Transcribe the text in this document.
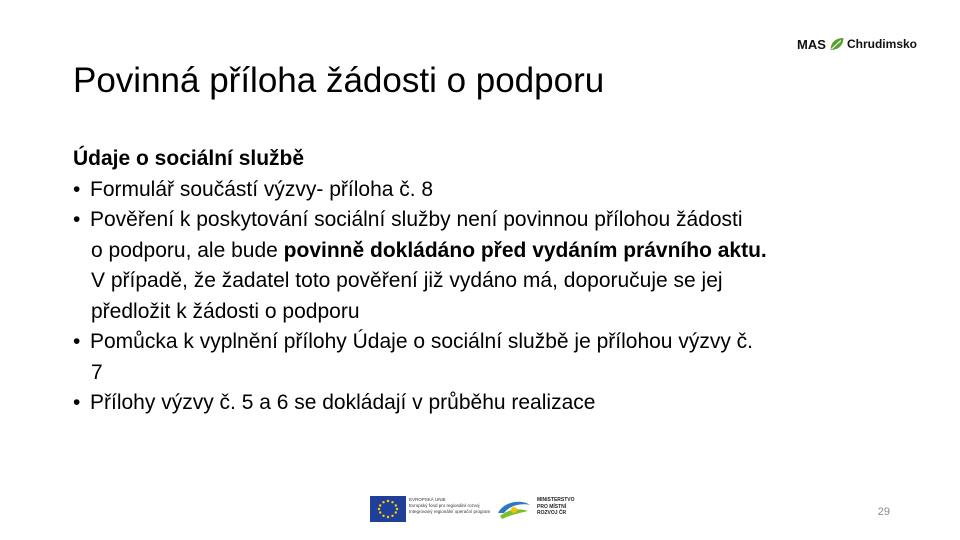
MAS Chrudimsko
Povinná příloha žádosti o podporu
Údaje o sociální službě
• Formulář součástí výzvy- příloha č. 8
• Pověření k poskytování sociální služby není povinnou přílohou žádosti
o podporu, ale bude povinně dokládáno před vydáním právního aktu.
V případě, že žadatel toto pověření již vydáno má, doporučuje se jej
předložit k žádosti o podporu
• Pomůcka k vyplnění přílohy Údaje o sociální službě je přílohou výzvy č.
7
• Přílohy výzvy č. 5 a 6 se dokládají v průběhu realizace
EVROPSKÁ UNIE
Evropský fond pro regionální rozvoj
Integrovaný regionální operační program
MINISTERSTVO
PRO MÍSTNÍ
ROZVOJ ČR	29
